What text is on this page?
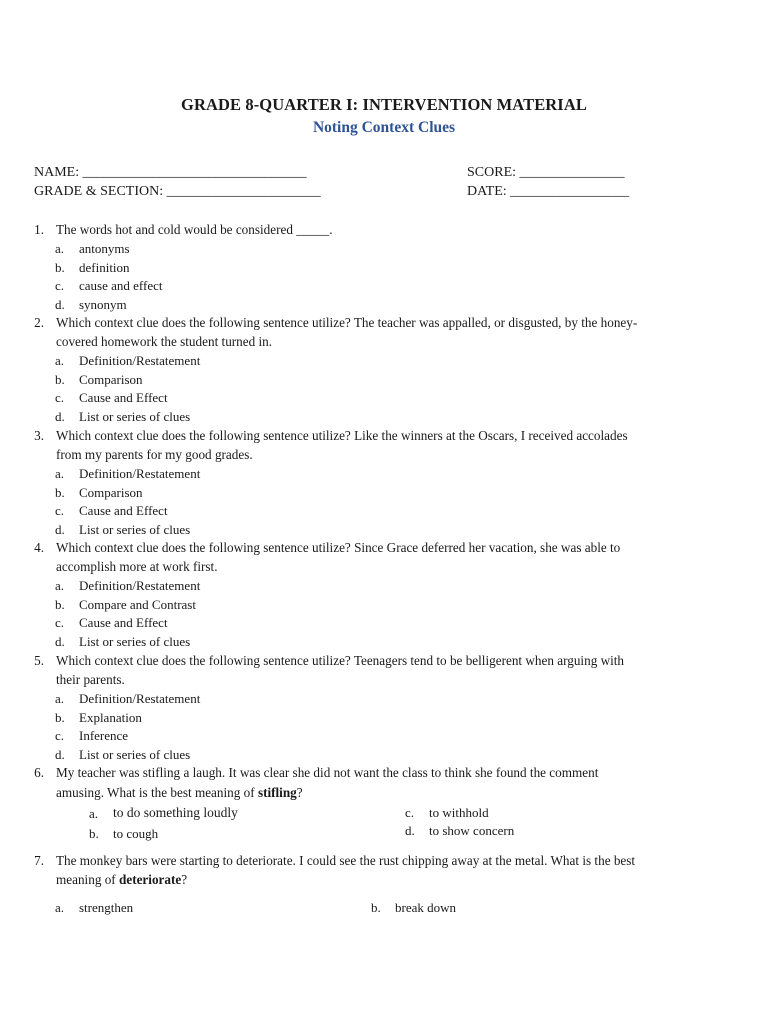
GRADE 8-QUARTER I: INTERVENTION MATERIAL
Noting Context Clues
NAME: ________________________________
GRADE & SECTION: ______________________
SCORE: _______________
DATE: _________________
1. The words hot and cold would be considered _____.
a.	antonyms
b.	definition
c.	cause and effect
d.	synonym
2. Which context clue does the following sentence utilize? The teacher was appalled, or disgusted, by the honey-
covered homework the student turned in.
a.	Definition/Restatement
b.	Comparison
c.	Cause and Effect
d.	List or series of clues
3. Which context clue does the following sentence utilize? Like the winners at the Oscars, I received accolades
from my parents for my good grades.
a.	Definition/Restatement
b.	Comparison
c.	Cause and Effect
d.	List or series of clues
4. Which context clue does the following sentence utilize? Since Grace deferred her vacation, she was able to
accomplish more at work first.
a.	Definition/Restatement
b.	Compare and Contrast
c.	Cause and Effect
d.	List or series of clues
5. Which context clue does the following sentence utilize? Teenagers tend to be belligerent when arguing with
their parents.
a.	Definition/Restatement
b.	Explanation
c.	Inference
d.	List or series of clues
6. My teacher was stifling a laugh. It was clear she did not want the class to think she found the comment
amusing. What is the best meaning of stifling?
a.	to do something loudly
b.	to cough
c.	to withhold
d.	to show concern
7. The monkey bars were starting to deteriorate. I could see the rust chipping away at the metal. What is the best
meaning of deteriorate?
a.	strengthen	b.	break down
